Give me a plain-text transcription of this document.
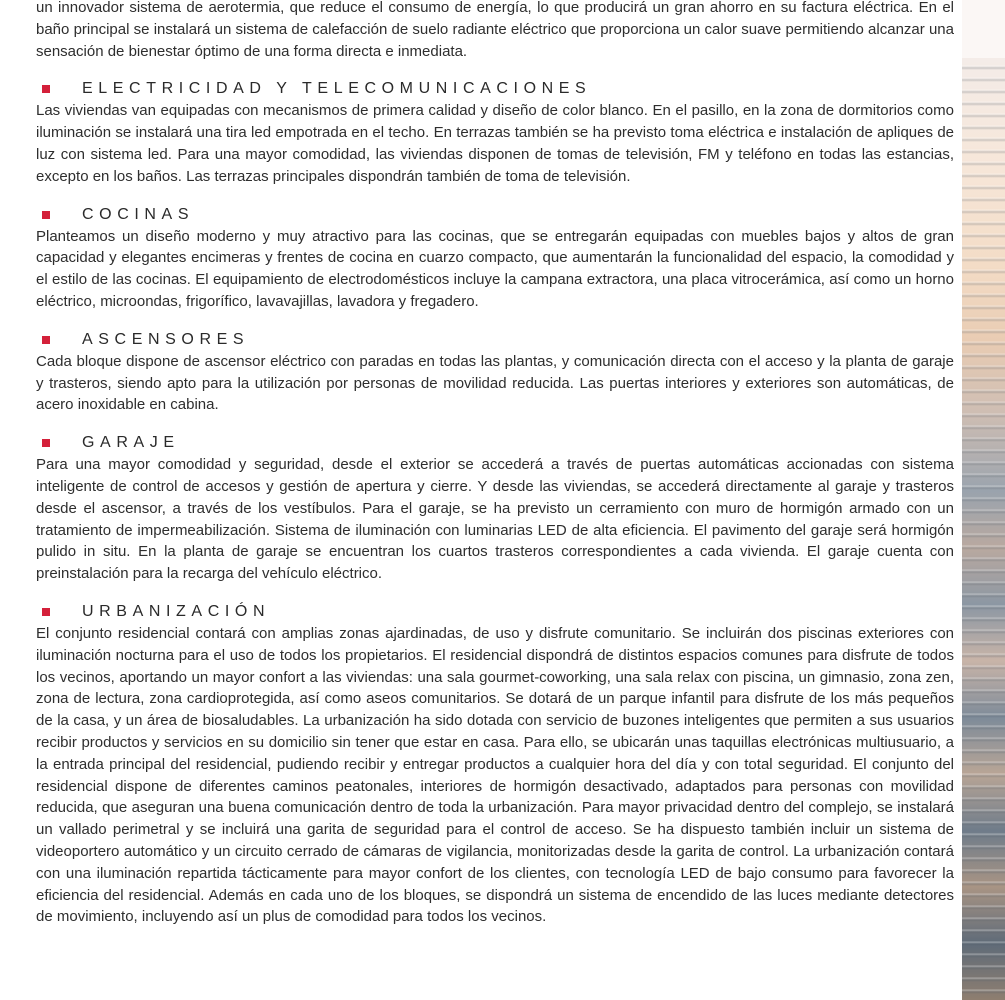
un innovador sistema de aerotermia, que reduce el consumo de energía, lo que producirá un gran ahorro en su factura eléctrica. En el baño principal se instalará un sistema de calefacción de suelo radiante eléctrico que proporciona un calor suave permitiendo alcanzar una sensación de bienestar óptimo de una forma directa e inmediata.

ELECTRICIDAD Y TELECOMUNICACIONES

Las viviendas van equipadas con mecanismos de primera calidad y diseño de color blanco. En el pasillo, en la zona de dormitorios como iluminación se instalará una tira led empotrada en el techo. En terrazas también se ha previsto toma eléctrica e instalación de apliques de luz con sistema led. Para una mayor comodidad, las viviendas disponen de tomas de televisión, FM y teléfono en todas las estancias, excepto en los baños. Las terrazas principales dispondrán también de toma de televisión.

COCINAS

Planteamos un diseño moderno y muy atractivo para las cocinas, que se entregarán equipadas con muebles bajos y altos de gran capacidad y elegantes encimeras y frentes de cocina en cuarzo compacto, que aumentarán la funcionalidad del espacio, la comodidad y el estilo de las cocinas. El equipamiento de electrodomésticos incluye la campana extractora, una placa vitrocerámica, así como un horno eléctrico, microondas, frigorífico, lavavajillas, lavadora y fregadero.

ASCENSORES

Cada bloque dispone de ascensor eléctrico con paradas en todas las plantas, y comunicación directa con el acceso y la planta de garaje y trasteros, siendo apto para la utilización por personas de movilidad reducida. Las puertas interiores y exteriores son automáticas, de acero inoxidable en cabina.

GARAJE

Para una mayor comodidad y seguridad, desde el exterior se accederá a través de puertas automáticas accionadas con sistema inteligente de control de accesos y gestión de apertura y cierre. Y desde las viviendas, se accederá directamente al garaje y trasteros desde el ascensor, a través de los vestíbulos. Para el garaje, se ha previsto un cerramiento con muro de hormigón armado con un tratamiento de impermeabilización. Sistema de iluminación con luminarias LED de alta eficiencia. El pavimento del garaje será hormigón pulido in situ. En la planta de garaje se encuentran los cuartos trasteros correspondientes a cada vivienda. El garaje cuenta con preinstalación para la recarga del vehículo eléctrico.

URBANIZACIÓN

El conjunto residencial contará con amplias zonas ajardinadas, de uso y disfrute comunitario. Se incluirán dos piscinas exteriores con iluminación nocturna para el uso de todos los propietarios. El residencial dispondrá de distintos espacios comunes para disfrute de todos los vecinos, aportando un mayor confort a las viviendas: una sala gourmet-coworking, una sala relax con piscina, un gimnasio, zona zen, zona de lectura, zona cardioprotegida, así como aseos comunitarios. Se dotará de un parque infantil para disfrute de los más pequeños de la casa, y un área de biosaludables. La urbanización ha sido dotada con servicio de buzones inteligentes que permiten a sus usuarios recibir productos y servicios en su domicilio sin tener que estar en casa. Para ello, se ubicarán unas taquillas electrónicas multiusuario, a la entrada principal del residencial, pudiendo recibir y entregar productos a cualquier hora del día y con total seguridad. El conjunto del residencial dispone de diferentes caminos peatonales, interiores de hormigón desactivado, adaptados para personas con movilidad reducida, que aseguran una buena comunicación dentro de toda la urbanización. Para mayor privacidad dentro del complejo, se instalará un vallado perimetral y se incluirá una garita de seguridad para el control de acceso. Se ha dispuesto también incluir un sistema de videoportero automático y un circuito cerrado de cámaras de vigilancia, monitorizadas desde la garita de control. La urbanización contará con una iluminación repartida tácticamente para mayor confort de los clientes, con tecnología LED de bajo consumo para favorecer la eficiencia del residencial. Además en cada uno de los bloques, se dispondrá un sistema de encendido de las luces mediante detectores de movimiento, incluyendo así un plus de comodidad para todos los vecinos.
